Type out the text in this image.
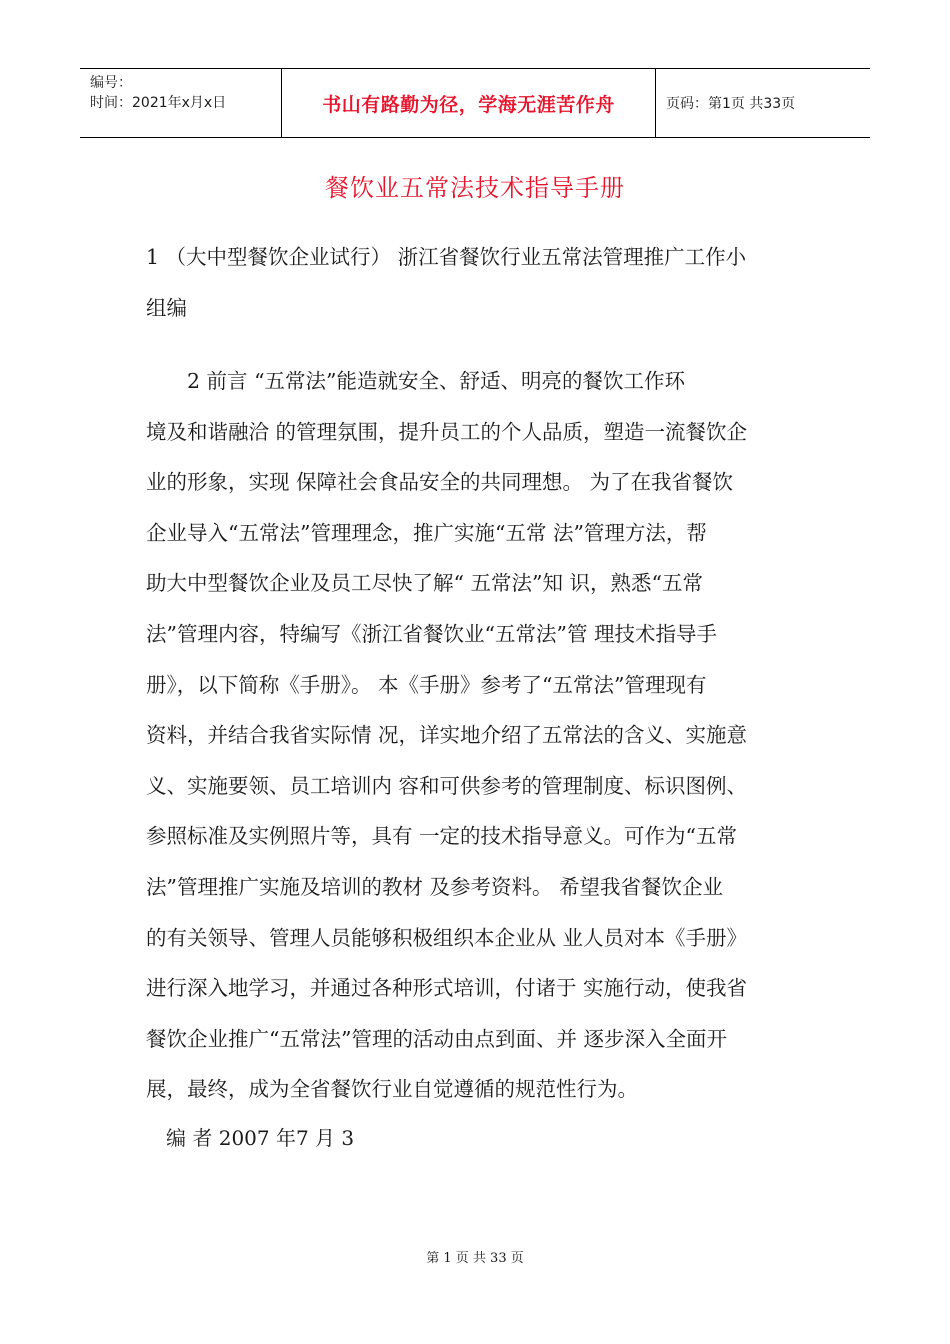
编号：
时间：2021年x月x日	书山有路勤为径，学海无涯苦作舟	页码：第1页 共33页
餐饮业五常法技术指导手册
1 （大中型餐饮企业试行） 浙江省餐饮行业五常法管理推广工作小
组编
　　2 前言 “五常法”能造就安全、舒适、明亮的餐饮工作环
境及和谐融洽 的管理氛围，提升员工的个人品质，塑造一流餐饮企
业的形象，实现 保障社会食品安全的共同理想。 为了在我省餐饮
企业导入“五常法”管理理念，推广实施“五常 法”管理方法，帮
助大中型餐饮企业及员工尽快了解“ 五常法”知 识，熟悉“五常
法”管理内容，特编写《浙江省餐饮业“五常法”管 理技术指导手
册》，以下简称《手册》。 本《手册》参考了“五常法”管理现有
资料，并结合我省实际情 况，详实地介绍了五常法的含义、实施意
义、实施要领、员工培训内 容和可供参考的管理制度、标识图例、
参照标准及实例照片等，具有 一定的技术指导意义。可作为“五常
法”管理推广实施及培训的教材 及参考资料。 希望我省餐饮企业
的有关领导、管理人员能够积极组织本企业从 业人员对本《手册》
进行深入地学习，并通过各种形式培训，付诸于 实施行动，使我省
餐饮企业推广“五常法”管理的活动由点到面、并 逐步深入全面开
展，最终，成为全省餐饮行业自觉遵循的规范性行为。
编 者 2007 年7 月 3
第 1 页 共 33 页
